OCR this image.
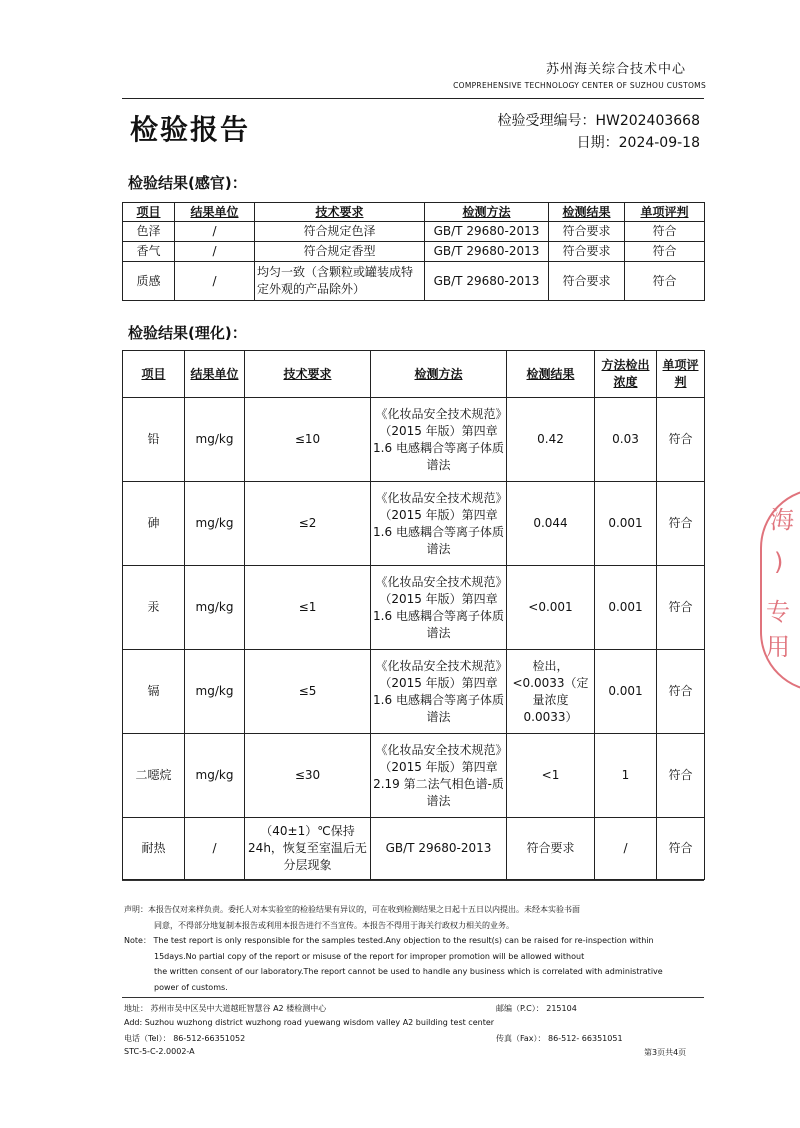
苏州海关综合技术中心
COMPREHENSIVE TECHNOLOGY CENTER OF SUZHOU CUSTOMS
检验报告	检验受理编号：HW202403668
日期：2024-09-18
检验结果(感官)：
项目	结果单位	技术要求	检测方法	检测结果	单项评判
色泽	/	符合规定色泽	GB/T 29680-2013	符合要求	符合
香气	/	符合规定香型	GB/T 29680-2013	符合要求	符合
质感	/	均匀一致（含颗粒或罐装成特定外观的产品除外）	GB/T 29680-2013	符合要求	符合
检验结果(理化)：
项目	结果单位	技术要求	检测方法	检测结果	方法检出浓度	单项评判
铅	mg/kg	≤10	《化妆品安全技术规范》（2015 年版）第四章 1.6 电感耦合等离子体质谱法	0.42	0.03	符合
砷	mg/kg	≤2	《化妆品安全技术规范》（2015 年版）第四章 1.6 电感耦合等离子体质谱法	0.044	0.001	符合
汞	mg/kg	≤1	《化妆品安全技术规范》（2015 年版）第四章 1.6 电感耦合等离子体质谱法	<0.001	0.001	符合
镉	mg/kg	≤5	《化妆品安全技术规范》（2015 年版）第四章 1.6 电感耦合等离子体质谱法	检出，<0.0033（定量浓度0.0033）	0.001	符合
二噁烷	mg/kg	≤30	《化妆品安全技术规范》（2015 年版）第四章 2.19 第二法气相色谱-质谱法	<1	1	符合
耐热	/	（40±1）℃保持24h，恢复至室温后无分层现象	GB/T 29680-2013	符合要求	/	符合
声明：本报告仅对来样负责。委托人对本实验室的检验结果有异议的，可在收到检测结果之日起十五日以内提出。未经本实验书面
同意，不得部分地复制本报告或利用本报告进行不当宣传。本报告不得用于海关行政权力相关的业务。
Note： The test report is only responsible for the samples tested.Any objection to the result(s) can be raised for re-inspection within
15days.No partial copy of the report or misuse of the report for improper promotion will be allowed without
the written consent of our laboratory.The report cannot be used to handle any business which is correlated with administrative
power of customs.
地址： 苏州市吴中区吴中大道越旺智慧谷 A2 楼检测中心	邮编（P.C）： 215104
Add: Suzhou wuzhong district wuzhong road yuewang wisdom valley A2 building test center
电话（Tel）： 86-512-66351052	传真（Fax）： 86-512- 66351051
STC-5-C-2.0002-A	第3页共4页
海
)
专用
